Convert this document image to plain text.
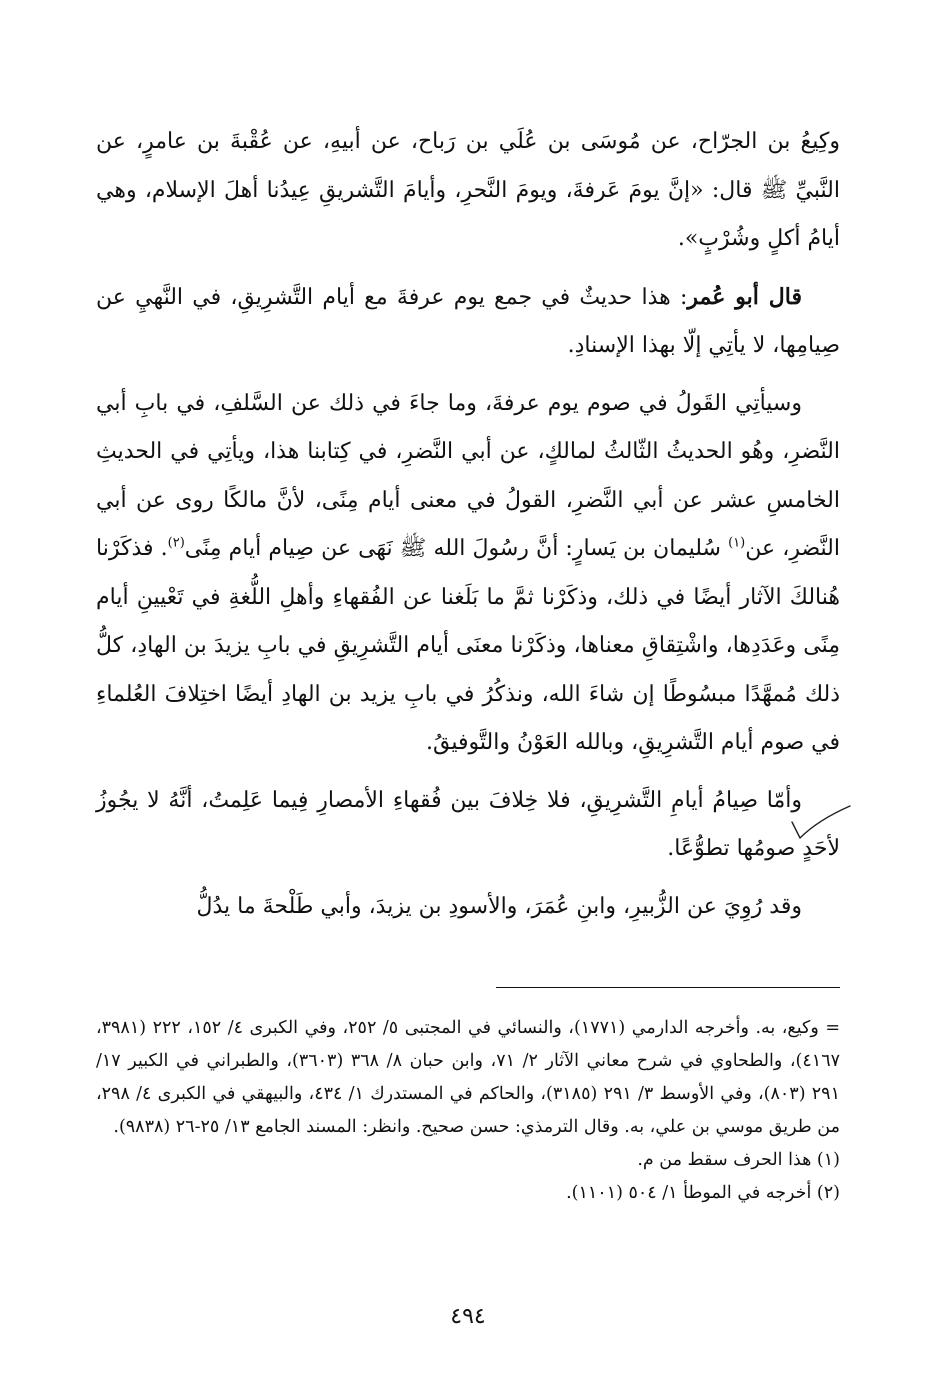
وكِيعُ بن الجرّاح، عن مُوسَى بن عُلَي بن رَباح، عن أبيهِ، عن عُقْبةَ بن عامرٍ، عن النَّبيِّ ﷺ قال: «إنَّ يومَ عَرفةَ، ويومَ النَّحرِ، وأيامَ التَّشريقِ عِيدُنا أهلَ الإسلام، وهي أيامُ أكلٍ وشُرْبٍ».

قال أبو عُمر: هذا حديثٌ في جمع يوم عرفةَ مع أيام التَّشرِيقِ، في النَّهيِ عن صِيامِها، لا يأتِي إلّا بهذا الإسنادِ.

وسيأتِي القَولُ في صوم يوم عرفةَ، وما جاءَ في ذلك عن السَّلفِ، في بابِ أبي النَّضرِ، وهُو الحديثُ الثّالثُ لمالكٍ، عن أبي النَّضرِ، في كِتابنا هذا، ويأتِي في الحديثِ الخامسِ عشر عن أبي النَّضرِ، القولُ في معنى أيام مِنًى، لأنَّ مالكًا روى عن أبي النَّضرِ، عن$^{(١)}$ سُليمان بن يَسارٍ: أنَّ رسُولَ الله ﷺ نَهَى عن صِيام أيام مِنًى$^{(٢)}$. فذكَرْنا هُنالكَ الآثار أيضًا في ذلك، وذكَرْنا ثمَّ ما بَلَغنا عن الفُقهاءِ وأهلِ اللُّغةِ في تَعْيينِ أيام مِنًى وعَدَدِها، واشْتِقاقِ معناها، وذكَرْنا معنَى أيام التَّشرِيقِ في بابِ يزيدَ بن الهادِ، كلُّ ذلك مُمهَّدًا مبسُوطًا إن شاءَ الله، ونذكُرُ في بابِ يزيد بن الهادِ أيضًا اختِلافَ العُلماءِ في صوم أيام التَّشرِيقِ، وبالله العَوْنُ والتَّوفيقُ.

وأمّا صِيامُ أيامِ التَّشرِيقِ، فلا خِلافَ بين فُقهاءِ الأمصارِ فِيما عَلِمتُ، أنَّهُ لا يجُوزُ لأحَدٍ صومُها تطوُّعًا.

وقد رُوِيَ عن الزُّبيرِ، وابنِ عُمَرَ، والأسودِ بن يزيدَ، وأبي طَلْحةَ ما يدُلُّ

= وكيع، به. وأخرجه الدارمي (١٧٧١)، والنسائي في المجتبى ٥/ ٢٥٢، وفي الكبرى ٤/ ١٥٢، ٢٢٢ (٣٩٨١، ٤١٦٧)، والطحاوي في شرح معاني الآثار ٢/ ٧١، وابن حبان ٨/ ٣٦٨ (٣٦٠٣)، والطبراني في الكبير ١٧/ ٢٩١ (٨٠٣)، وفي الأوسط ٣/ ٢٩١ (٣١٨٥)، والحاكم في المستدرك ١/ ٤٣٤، والبيهقي في الكبرى ٤/ ٢٩٨، من طريق موسي بن علي، به. وقال الترمذي: حسن صحيح. وانظر: المسند الجامع ١٣/ ٢٥-٢٦ (٩٨٣٨).

(١) هذا الحرف سقط من م.

(٢) أخرجه في الموطأ ١/ ٥٠٤ (١١٠١).

٤٩٤
